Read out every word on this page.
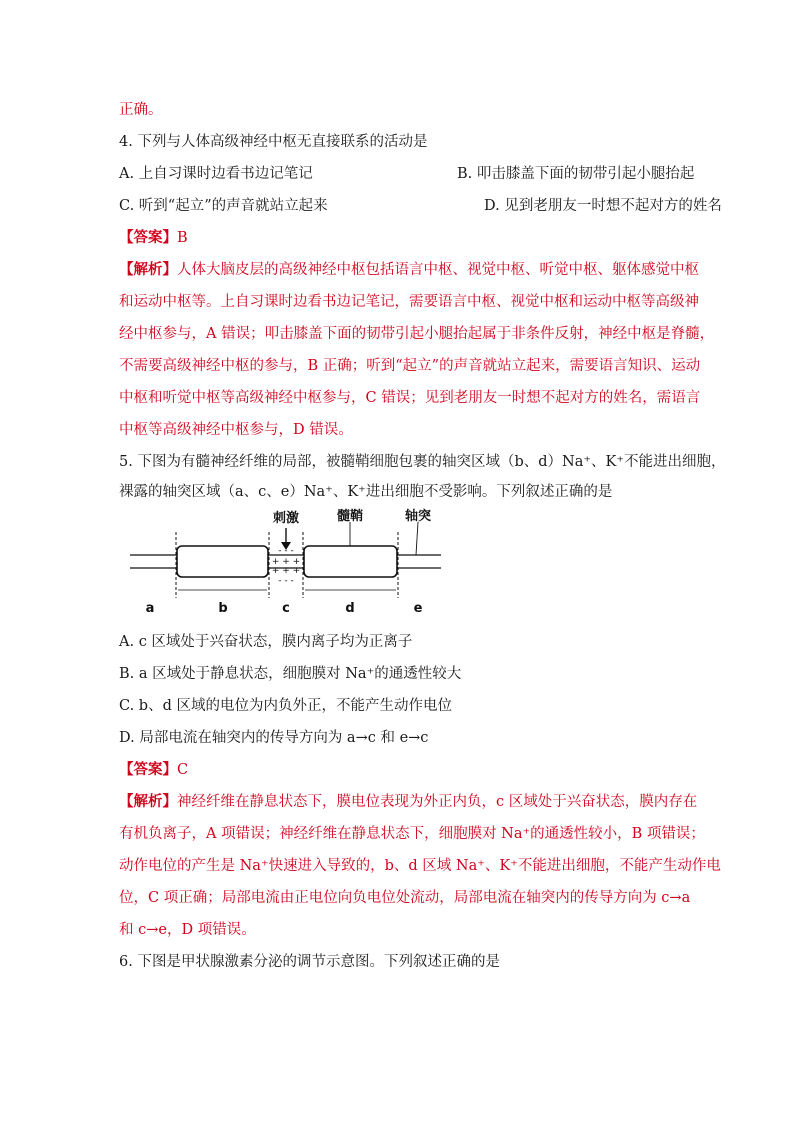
正确。
4. 下列与人体高级神经中枢无直接联系的活动是
A. 上自习课时边看书边记笔记	B. 叩击膝盖下面的韧带引起小腿抬起
C. 听到“起立”的声音就站立起来	D. 见到老朋友一时想不起对方的姓名
【答案】B
【解析】人体大脑皮层的高级神经中枢包括语言中枢、视觉中枢、听觉中枢、躯体感觉中枢
和运动中枢等。上自习课时边看书边记笔记，需要语言中枢、视觉中枢和运动中枢等高级神
经中枢参与，A 错误；叩击膝盖下面的韧带引起小腿抬起属于非条件反射，神经中枢是脊髓，
不需要高级神经中枢的参与，B 正确；听到“起立”的声音就站立起来，需要语言知识、运动
中枢和听觉中枢等高级神经中枢参与，C 错误；见到老朋友一时想不起对方的姓名，需语言
中枢等高级神经中枢参与，D 错误。
5. 下图为有髓神经纤维的局部，被髓鞘细胞包裹的轴突区域（b、d）Na⁺、K⁺不能进出细胞，
裸露的轴突区域（a、c、e）Na⁺、K⁺进出细胞不受影响。下列叙述正确的是
- - -
+ + +
+ + +
- - -
刺激	髓鞘	轴突
a	b	c	d	e
A. c 区域处于兴奋状态，膜内离子均为正离子
B. a 区域处于静息状态，细胞膜对 Na⁺的通透性较大
C. b、d 区域的电位为内负外正，不能产生动作电位
D. 局部电流在轴突内的传导方向为 a→c 和 e→c
【答案】C
【解析】神经纤维在静息状态下，膜电位表现为外正内负，c 区域处于兴奋状态，膜内存在
有机负离子，A 项错误；神经纤维在静息状态下，细胞膜对 Na⁺的通透性较小，B 项错误；
动作电位的产生是 Na⁺快速进入导致的，b、d 区域 Na⁺、K⁺不能进出细胞，不能产生动作电
位，C 项正确；局部电流由正电位向负电位处流动，局部电流在轴突内的传导方向为 c→a
和 c→e，D 项错误。
6. 下图是甲状腺激素分泌的调节示意图。下列叙述正确的是
